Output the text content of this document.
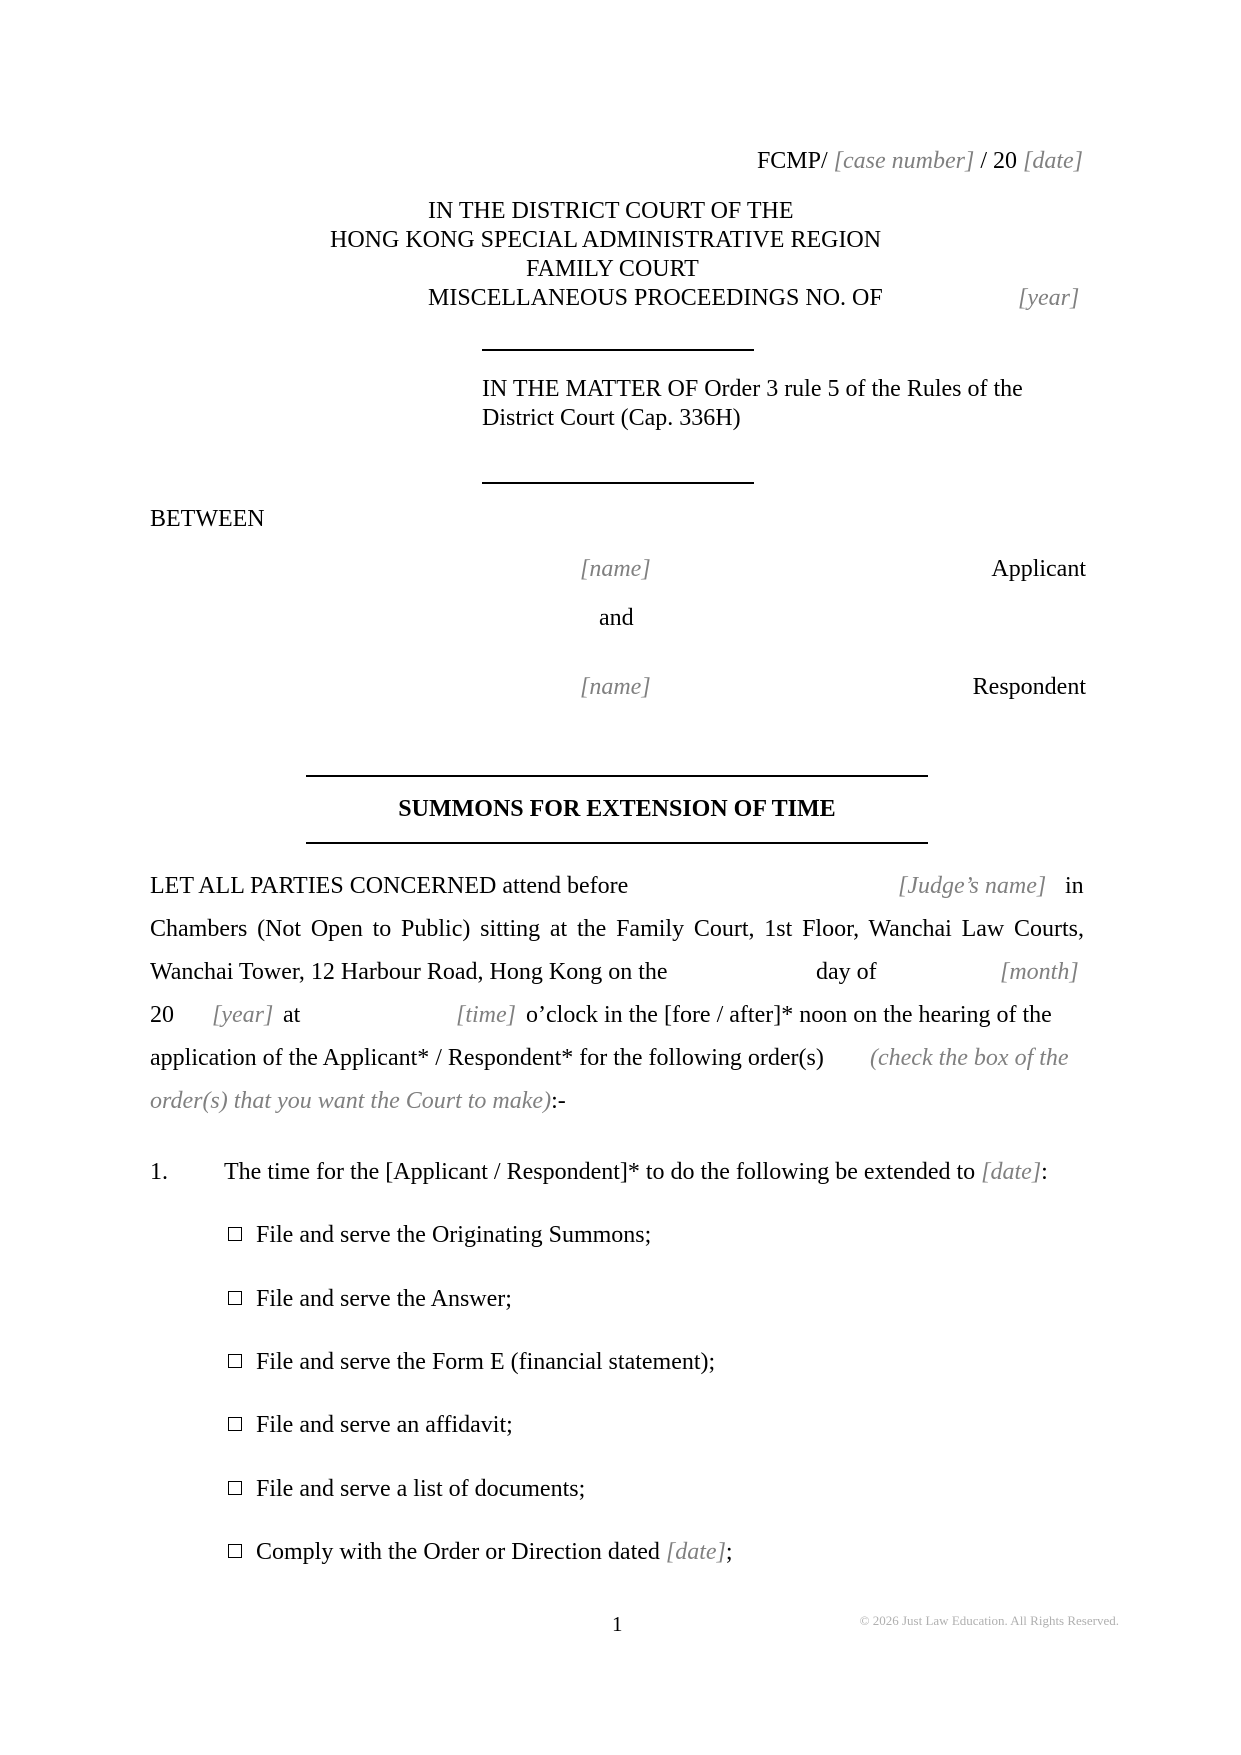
FCMP/ [case number] / 20 [date]
IN THE DISTRICT COURT OF THE
HONG KONG SPECIAL ADMINISTRATIVE REGION
FAMILY COURT
MISCELLANEOUS PROCEEDINGS NO. OF	[year]
IN THE MATTER OF Order 3 rule 5 of the Rules of the
District Court (Cap. 336H)
BETWEEN
[name]	Applicant
and
[name]	Respondent
SUMMONS FOR EXTENSION OF TIME
LET ALL PARTIES CONCERNED attend before	[Judge’s name] in
Chambers (Not Open to Public) sitting at the Family Court, 1st Floor, Wanchai Law Courts,
Wanchai Tower, 12 Harbour Road, Hong Kong on the	day of	[month]
20 [year] at	[time] o’clock in the [fore / after]* noon on the hearing of the
application of the Applicant* / Respondent* for the following order(s) (check the box of the
order(s) that you want the Court to make):-
1. The time for the [Applicant / Respondent]* to do the following be extended to [date]:
File and serve the Originating Summons;
File and serve the Answer;
File and serve the Form E (financial statement);
File and serve an affidavit;
File and serve a list of documents;
Comply with the Order or Direction dated [date];
1	© 2026 Just Law Education. All Rights Reserved.
